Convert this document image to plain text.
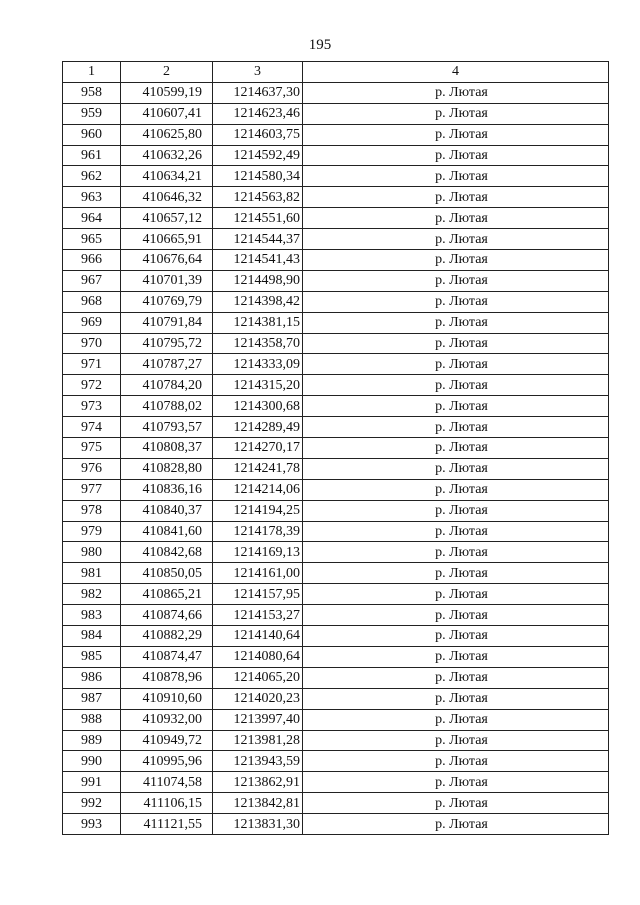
195
1	2	3	4
958	410599,19	1214637,30	р. Лютая
959	410607,41	1214623,46	р. Лютая
960	410625,80	1214603,75	р. Лютая
961	410632,26	1214592,49	р. Лютая
962	410634,21	1214580,34	р. Лютая
963	410646,32	1214563,82	р. Лютая
964	410657,12	1214551,60	р. Лютая
965	410665,91	1214544,37	р. Лютая
966	410676,64	1214541,43	р. Лютая
967	410701,39	1214498,90	р. Лютая
968	410769,79	1214398,42	р. Лютая
969	410791,84	1214381,15	р. Лютая
970	410795,72	1214358,70	р. Лютая
971	410787,27	1214333,09	р. Лютая
972	410784,20	1214315,20	р. Лютая
973	410788,02	1214300,68	р. Лютая
974	410793,57	1214289,49	р. Лютая
975	410808,37	1214270,17	р. Лютая
976	410828,80	1214241,78	р. Лютая
977	410836,16	1214214,06	р. Лютая
978	410840,37	1214194,25	р. Лютая
979	410841,60	1214178,39	р. Лютая
980	410842,68	1214169,13	р. Лютая
981	410850,05	1214161,00	р. Лютая
982	410865,21	1214157,95	р. Лютая
983	410874,66	1214153,27	р. Лютая
984	410882,29	1214140,64	р. Лютая
985	410874,47	1214080,64	р. Лютая
986	410878,96	1214065,20	р. Лютая
987	410910,60	1214020,23	р. Лютая
988	410932,00	1213997,40	р. Лютая
989	410949,72	1213981,28	р. Лютая
990	410995,96	1213943,59	р. Лютая
991	411074,58	1213862,91	р. Лютая
992	411106,15	1213842,81	р. Лютая
993	411121,55	1213831,30	р. Лютая
